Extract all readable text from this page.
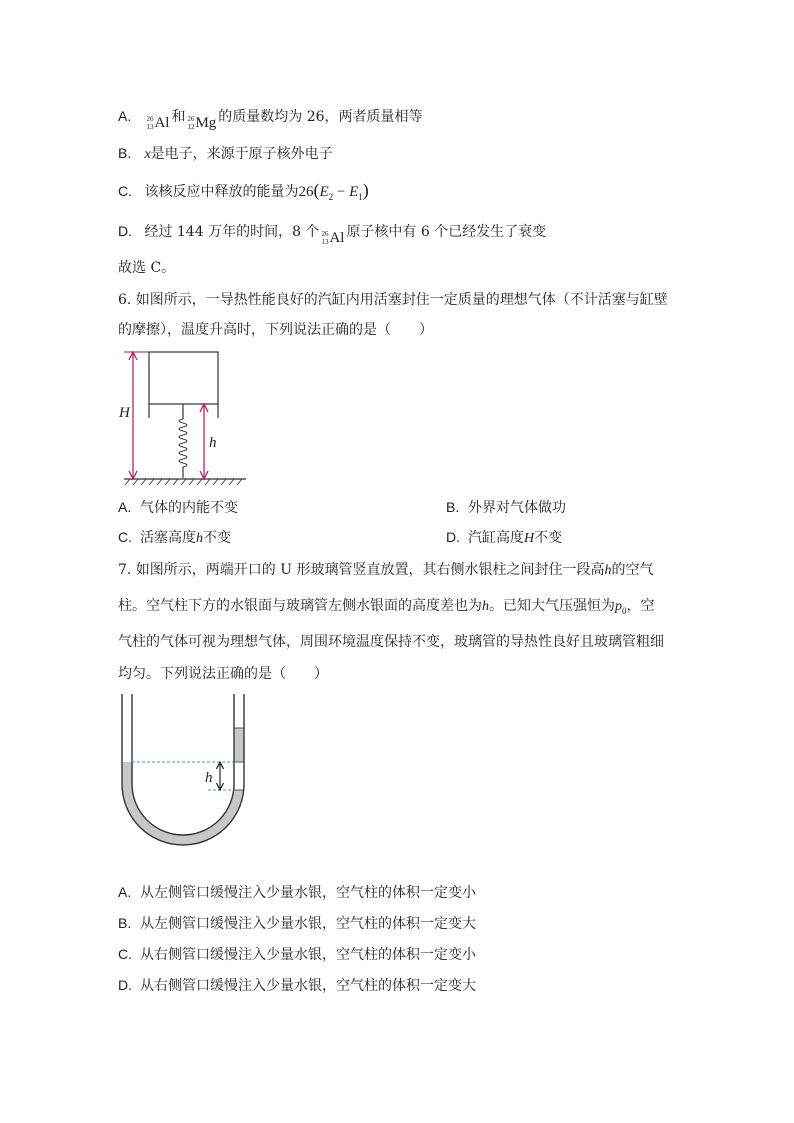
A. 26
13 Al 和 26
12 Mg 的质量数均为 26，两者质量相等
B. x是电子，来源于原子核外电子
C. 该核反应中释放的能量为$26(E_2 - E_1)$
D. 经过 144 万年的时间，8 个 26
13 Al 原子核中有 6 个已经发生了衰变
故选 C。
6. 如图所示，一导热性能良好的汽缸内用活塞封住一定质量的理想气体（不计活塞与缸壁
的摩擦），温度升高时，下列说法正确的是（　　）
H
h
A. 气体的内能不变	B. 外界对气体做功
C. 活塞高度h不变	D. 汽缸高度H不变
7. 如图所示，两端开口的 U 形玻璃管竖直放置，其右侧水银柱之间封住一段高h的空气
柱。空气柱下方的水银面与玻璃管左侧水银面的高度差也为h。已知大气压强恒为$p_0$，空
气柱的气体可视为理想气体，周围环境温度保持不变，玻璃管的导热性良好且玻璃管粗细
均匀。下列说法正确的是（　　）
h
A. 从左侧管口缓慢注入少量水银，空气柱的体积一定变小
B. 从左侧管口缓慢注入少量水银，空气柱的体积一定变大
C. 从右侧管口缓慢注入少量水银，空气柱的体积一定变小
D. 从右侧管口缓慢注入少量水银，空气柱的体积一定变大
